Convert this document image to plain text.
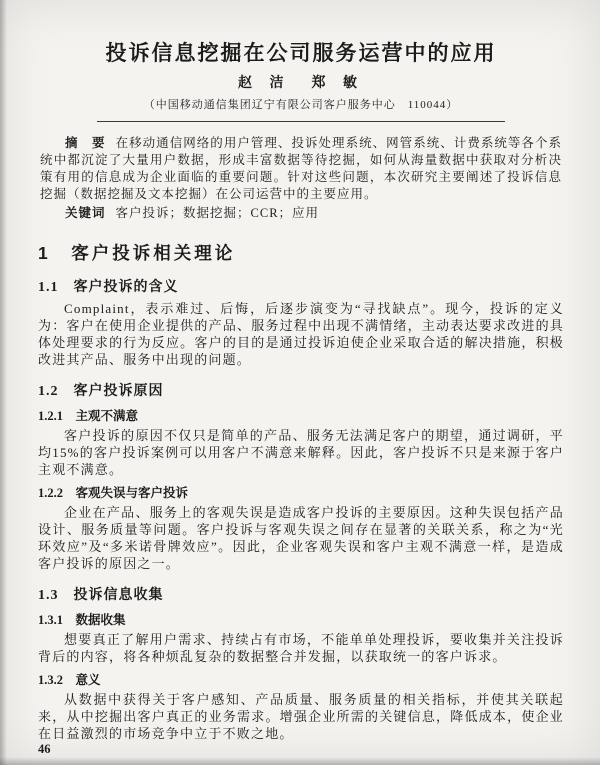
投诉信息挖掘在公司服务运营中的应用
赵 洁　郑 敏
（中国移动通信集团辽宁有限公司客户服务中心　110044）

摘　要 在移动通信网络的用户管理、投诉处理系统、网管系统、计费系统等各个系统中都沉淀了大量用户数据，形成丰富数据等待挖掘，如何从海量数据中获取对分析决策有用的信息成为企业面临的重要问题。针对这些问题，本次研究主要阐述了投诉信息挖掘（数据挖掘及文本挖掘）在公司运营中的主要应用。

关键词 客户投诉；数据挖掘；CCR；应用

1　客户投诉相关理论
1.1　客户投诉的含义

Complaint，表示难过、后悔，后逐步演变为“寻找缺点”。现今，投诉的定义为：客户在使用企业提供的产品、服务过程中出现不满情绪，主动表达要求改进的具体处理要求的行为反应。客户的目的是通过投诉迫使企业采取合适的解决措施，积极改进其产品、服务中出现的问题。

1.2　客户投诉原因
1.2.1　主观不满意

客户投诉的原因不仅只是简单的产品、服务无法满足客户的期望，通过调研，平均15%的客户投诉案例可以用客户不满意来解释。因此，客户投诉不只是来源于客户主观不满意。

1.2.2　客观失误与客户投诉

企业在产品、服务上的客观失误是造成客户投诉的主要原因。这种失误包括产品设计、服务质量等问题。客户投诉与客观失误之间存在显著的关联关系，称之为“光环效应”及“多米诺骨牌效应”。因此，企业客观失误和客户主观不满意一样，是造成客户投诉的原因之一。

1.3　投诉信息收集
1.3.1　数据收集

想要真正了解用户需求、持续占有市场，不能单单处理投诉，要收集并关注投诉背后的内容，将各种烦乱复杂的数据整合并发掘，以获取统一的客户诉求。

1.3.2　意义

从数据中获得关于客户感知、产品质量、服务质量的相关指标，并使其关联起来，从中挖掘出客户真正的业务需求。增强企业所需的关键信息，降低成本，使企业在日益激烈的市场竞争中立于不败之地。

46
